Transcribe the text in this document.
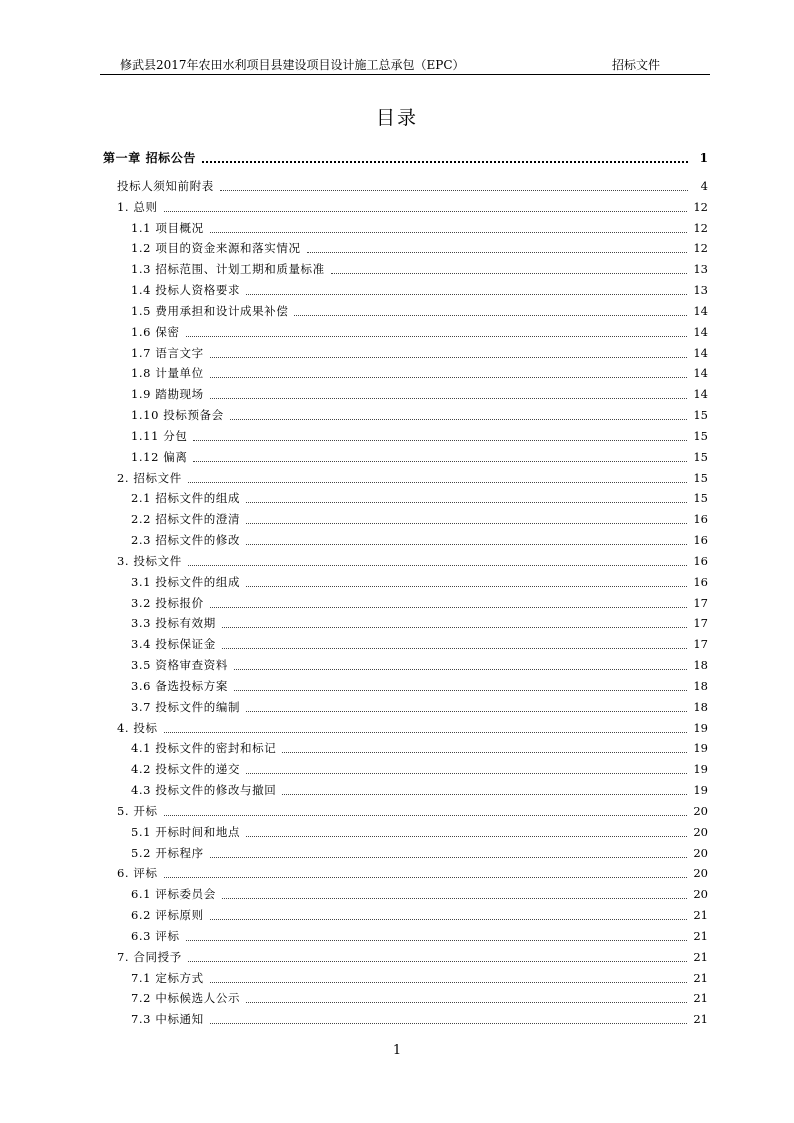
修武县2017年农田水利项目县建设项目设计施工总承包（EPC）	招标文件
目录
第一章 招标公告	1
投标人须知前附表	4
1. 总则	12
1.1 项目概况	12
1.2 项目的资金来源和落实情况	12
1.3 招标范围、计划工期和质量标准	13
1.4 投标人资格要求	13
1.5 费用承担和设计成果补偿	14
1.6 保密	14
1.7 语言文字	14
1.8 计量单位	14
1.9 踏勘现场	14
1.10 投标预备会	15
1.11 分包	15
1.12 偏离	15
2. 招标文件	15
2.1 招标文件的组成	15
2.2 招标文件的澄清	16
2.3 招标文件的修改	16
3. 投标文件	16
3.1 投标文件的组成	16
3.2 投标报价	17
3.3 投标有效期	17
3.4 投标保证金	17
3.5 资格审查资料	18
3.6 备选投标方案	18
3.7 投标文件的编制	18
4. 投标	19
4.1 投标文件的密封和标记	19
4.2 投标文件的递交	19
4.3 投标文件的修改与撤回	19
5. 开标	20
5.1 开标时间和地点	20
5.2 开标程序	20
6. 评标	20
6.1 评标委员会	20
6.2 评标原则	21
6.3 评标	21
7. 合同授予	21
7.1 定标方式	21
7.2 中标候选人公示	21
7.3 中标通知	21
1
